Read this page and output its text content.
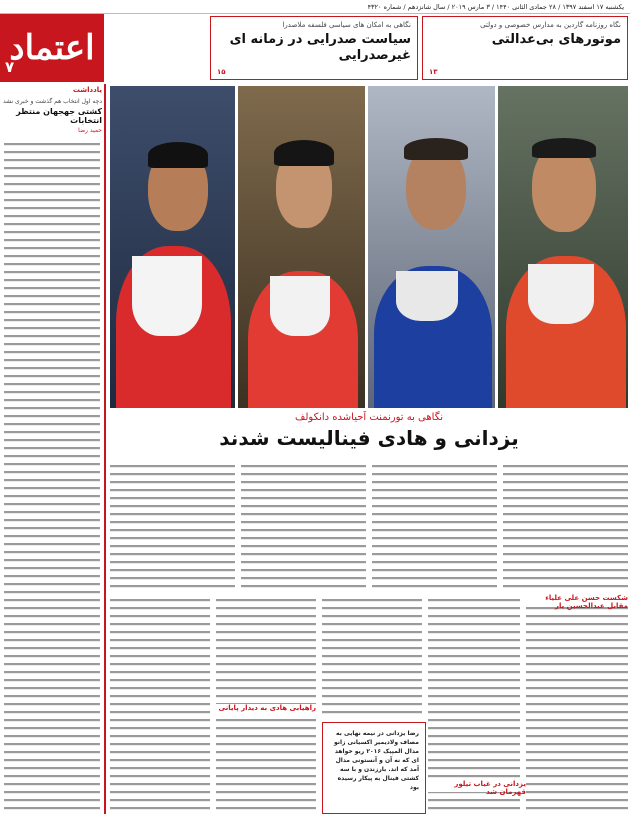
یکشنبه ۱۷ اسفند ۱۳۹۷ / ۲۸ جمادی الثانی ۱۴۴۰ / ۳ مارس ۲۰۱۹ / سال شانزدهم / شماره ۴۳۲۰
نگاه روزنامه گاردین به مدارس خصوصی و دولتی
موتورهای بی‌عدالتی
۱۳
نگاهی به امکان های سیاسی فلسفه ملاصدرا
سیاست صدرایی در زمانه ای غیرصدرایی
۱۵
اعتماد
۷
یادداشت
دچه اول انتخاب هم گذشت و خبری نشد
کشتی جهجهان منتظر انتخابات
حمید رضا
نگاهی به تورنمنت اَحیاشده دانکولف
یزدانی و هادی فینالیست شدند
شکست حسن علی علیاء مقابل عبدالحسین یار
یزدانی در غیاب تیلور قهرمان شد
راهیابی هادی به دیدار پایانی
رضا یزدانی در نیمه نهایی به مصاف ولادیمیر اکسیانی زانو مدال المپیک ۲۰۱۶ ریو خواهد ای که نه آن و آنستونی مدال آمد که اند. بارزندن و با سه کشتی فینال به پیکار رسیده بود
